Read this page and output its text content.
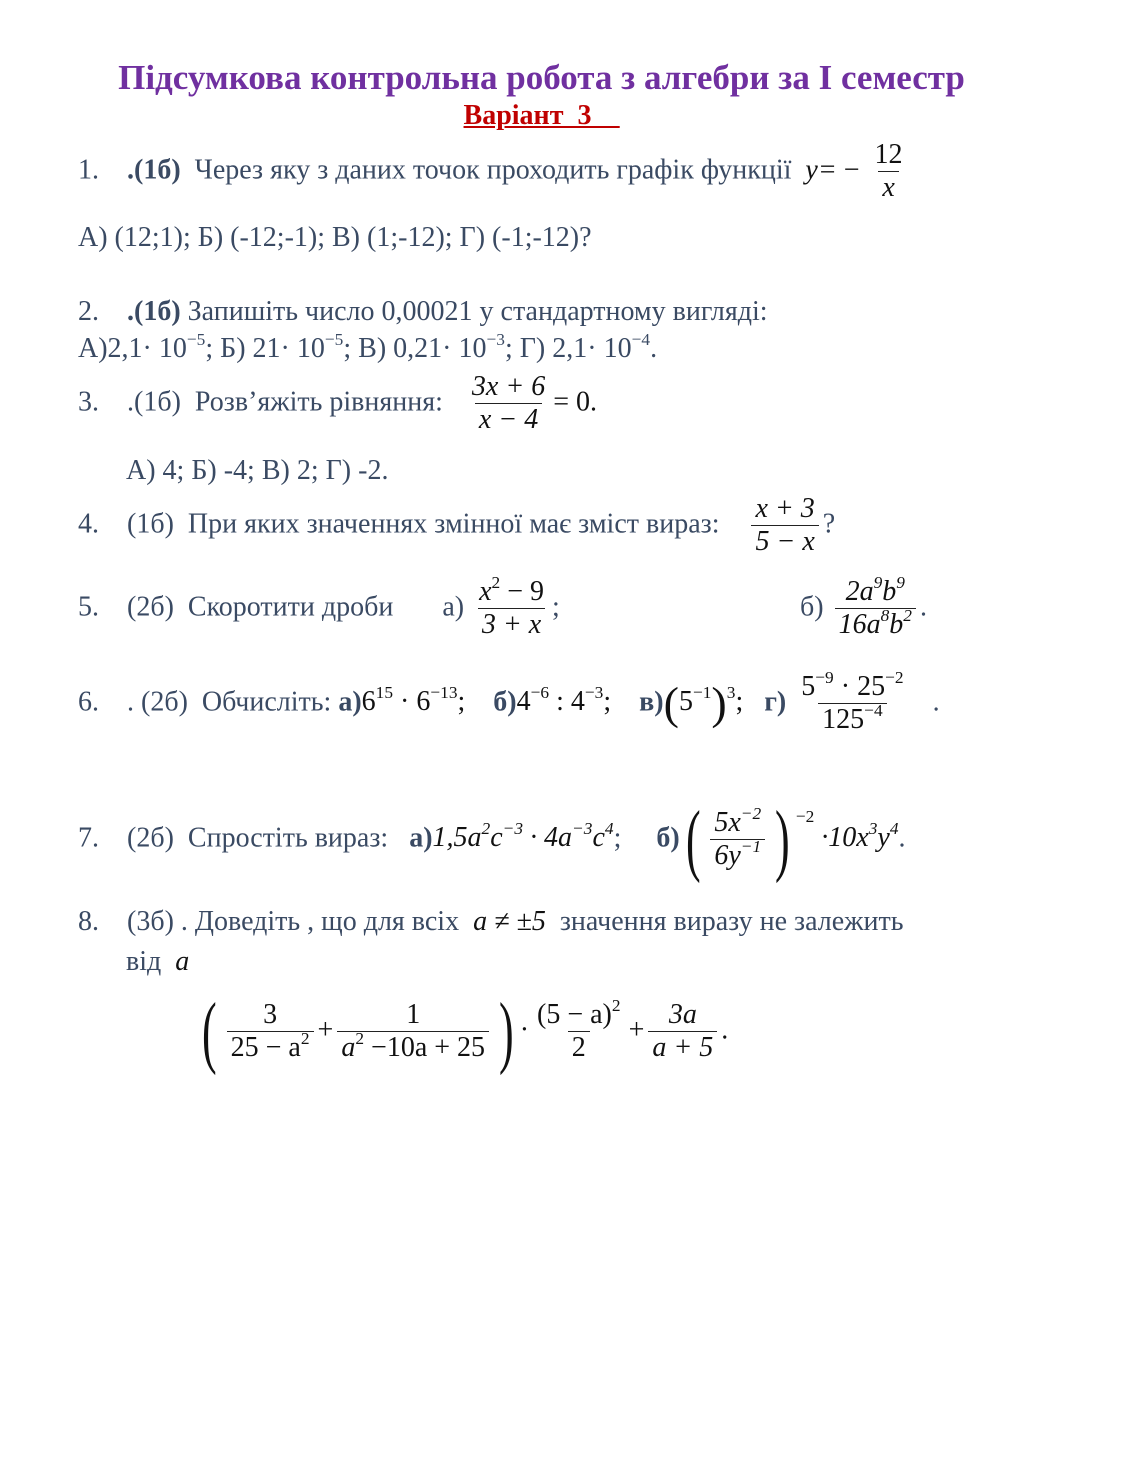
Підсумкова контрольна робота з алгебри за І семестр
Варіант_3__
1. .(1б) Через яку з даних точок проходить графік функції $y= - \frac{12}{x}$
А) (12;1); Б) (-12;-1); В) (1;-12); Г) (-1;-12)?
2. .(1б) Запишіть число 0,00021 у стандартному вигляді:
$А)2,1\cdot 10^{-5}$; Б) $21\cdot 10^{-5}$; В) $0,21\cdot 10^{-3}$; Г) $2,1\cdot 10^{-4}$.
3. .(1б) Розв’яжіть рівняння: $\frac{3x + 6}{x - 4} = 0$.
А) 4; Б) -4; В) 2; Г) -2.
4. (1б) При яких значеннях змінної має зміст вираз: $\frac{x + 3}{5 - x}$ ?
5. (2б) Скоротити дроби $а) \frac{x^2 - 9}{3 + x}$ ;	$б) \frac{2a^9b^9}{16a^8b^2}$ .
6. . (2б) Обчисліть: $а)6^{15} \cdot 6^{-13}$; $б)4^{-6}$ : $4^{-3}$; $в)(5^{-1})^3$; $г) \frac{5^{-9} \cdot 25^{-2}}{125^{-4}}$ .
7. (2б) Спростіть вираз: $а)1,5a^2c^{-3} \cdot 4a^{-3}c^4$; $б)( \frac{5x^{-2}}{6y^{-1}}$ ) $^{-2} \cdot 10x^3y^4$.
8. (3б) . Доведіть , що для всіх a ≠ ±5 значення виразу не залежить
від a
( $\frac{3}{25 - a^2} + \frac{1}{a^2 -10a + 25}$ ) · $\frac{(5 - a)^2}{2} + \frac{3a}{a + 5}$ .
